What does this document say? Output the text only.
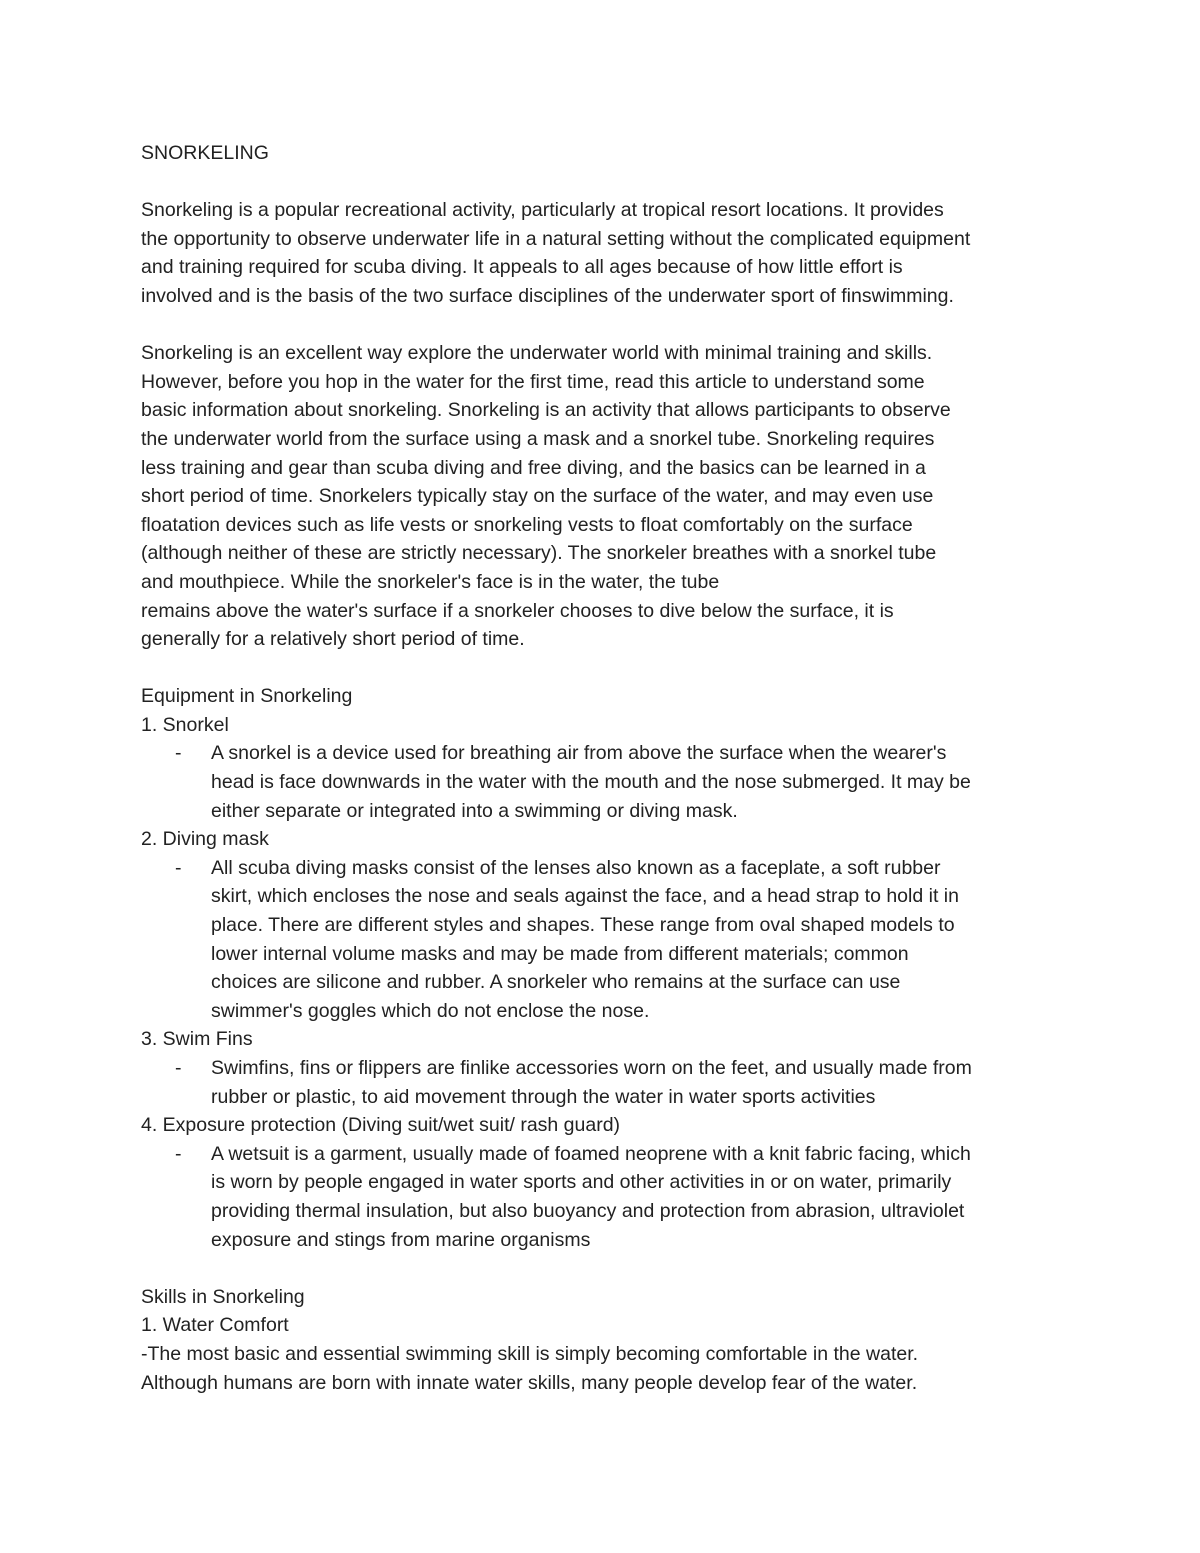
SNORKELING
Snorkeling is a popular recreational activity, particularly at tropical resort locations. It provides
the opportunity to observe underwater life in a natural setting without the complicated equipment
and training required for scuba diving. It appeals to all ages because of how little effort is
involved and is the basis of the two surface disciplines of the underwater sport of finswimming.
Snorkeling is an excellent way explore the underwater world with minimal training and skills.
However, before you hop in the water for the first time, read this article to understand some
basic information about snorkeling. Snorkeling is an activity that allows participants to observe
the underwater world from the surface using a mask and a snorkel tube. Snorkeling requires
less training and gear than scuba diving and free diving, and the basics can be learned in a
short period of time. Snorkelers typically stay on the surface of the water, and may even use
floatation devices such as life vests or snorkeling vests to float comfortably on the surface
(although neither of these are strictly necessary). The snorkeler breathes with a snorkel tube
and mouthpiece. While the snorkeler's face is in the water, the tube
remains above the water's surface if a snorkeler chooses to dive below the surface, it is
generally for a relatively short period of time.
Equipment in Snorkeling
1. Snorkel
- A snorkel is a device used for breathing air from above the surface when the wearer's
head is face downwards in the water with the mouth and the nose submerged. It may be
either separate or integrated into a swimming or diving mask.
2. Diving mask
- All scuba diving masks consist of the lenses also known as a faceplate, a soft rubber
skirt, which encloses the nose and seals against the face, and a head strap to hold it in
place. There are different styles and shapes. These range from oval shaped models to
lower internal volume masks and may be made from different materials; common
choices are silicone and rubber. A snorkeler who remains at the surface can use
swimmer's goggles which do not enclose the nose.
3. Swim Fins
- Swimfins, fins or flippers are finlike accessories worn on the feet, and usually made from
rubber or plastic, to aid movement through the water in water sports activities
4. Exposure protection (Diving suit/wet suit/ rash guard)
- A wetsuit is a garment, usually made of foamed neoprene with a knit fabric facing, which
is worn by people engaged in water sports and other activities in or on water, primarily
providing thermal insulation, but also buoyancy and protection from abrasion, ultraviolet
exposure and stings from marine organisms
Skills in Snorkeling
1. Water Comfort
-The most basic and essential swimming skill is simply becoming comfortable in the water.
Although humans are born with innate water skills, many people develop fear of the water.
